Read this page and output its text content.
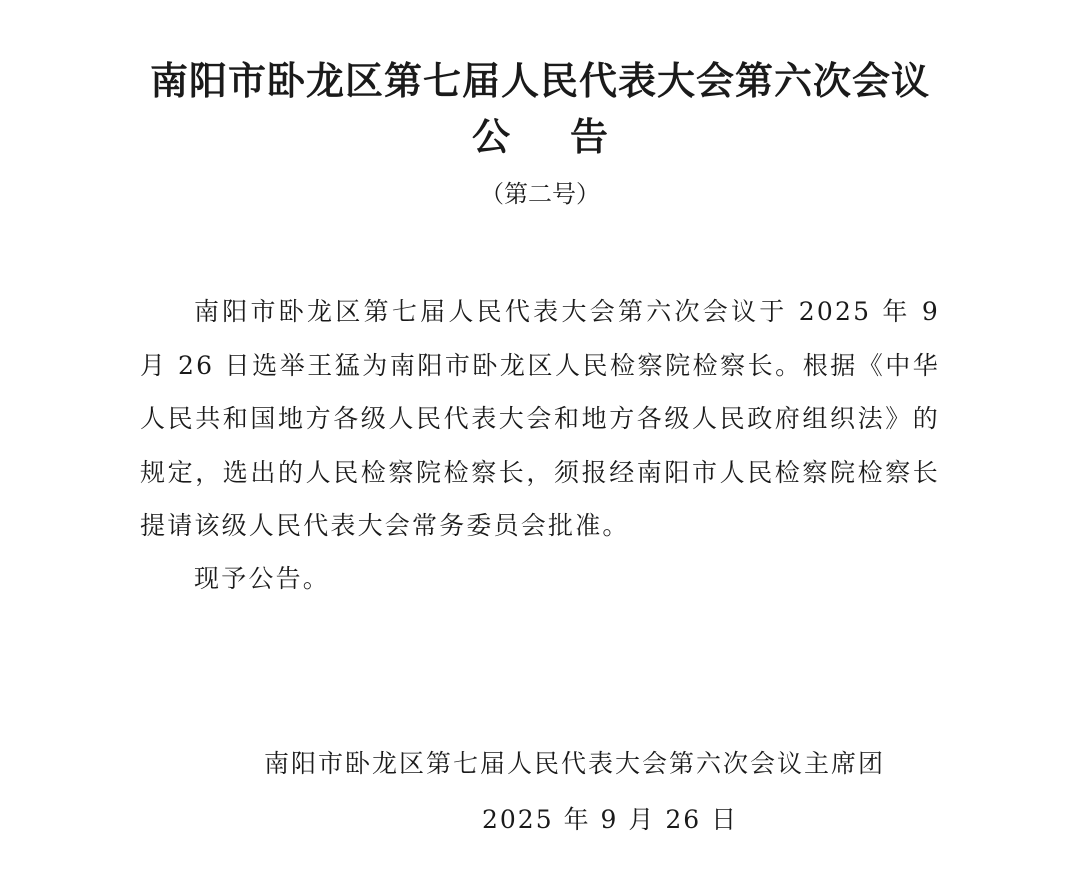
南阳市卧龙区第七届人民代表大会第六次会议
公告
（第二号）

南阳市卧龙区第七届人民代表大会第六次会议于 2025 年 9 月 26 日选举王猛为南阳市卧龙区人民检察院检察长。根据《中华人民共和国地方各级人民代表大会和地方各级人民政府组织法》的规定，选出的人民检察院检察长，须报经南阳市人民检察院检察长提请该级人民代表大会常务委员会批准。

现予公告。

南阳市卧龙区第七届人民代表大会第六次会议主席团

2025 年 9 月 26 日
